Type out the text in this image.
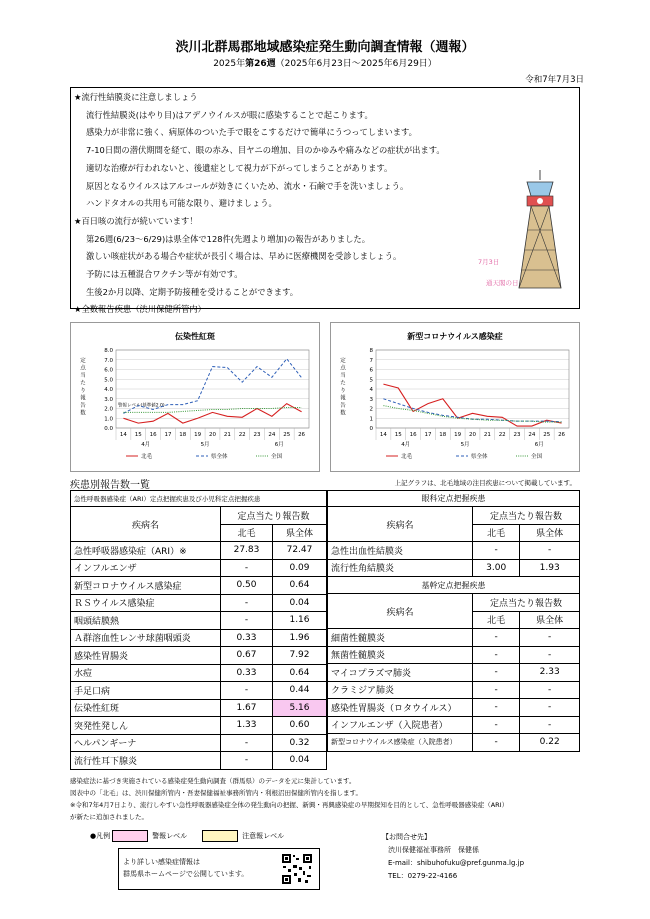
渋川北群馬郡地域感染症発生動向調査情報（週報）
2025年第26週（2025年6月23日～2025年6月29日）
令和7年7月3日
★流行性結膜炎に注意しましょう
流行性結膜炎(はやり目)はアデノウイルスが眼に感染することで起こります。
感染力が非常に強く、病原体のついた手で眼をこするだけで簡単にうつってしまいます。
7-10日間の潜伏期間を経て、眼の赤み、目ヤニの増加、目のかゆみや痛みなどの症状が出ます。
適切な治療が行われないと、後遺症として視力が下がってしまうことがあります。
原因となるウイルスはアルコールが効きにくいため、流水・石鹸で手を洗いましょう。
ハンドタオルの共用も可能な限り、避けましょう。
★百日咳の流行が続いています！
第26週(6/23～6/29)は県全体で128件(先週より増加)の報告がありました。
激しい咳症状がある場合や症状が長引く場合は、早めに医療機関を受診しましょう。
予防には五種混合ワクチン等が有効です。
生後2か月以降、定期予防接種を受けることができます。
★全数報告疾患（渋川保健所管内）
7月3日
通天閣の日
伝染性紅斑
0.0
1.0
2.0
3.0
4.0
5.0
6.0
7.0
8.0
定
点
当
た
り
報
告
数
14 15 16 17 18 19 20 21 22 23 24 25 26
4月	5月	6月
警報レベル(基準値2.0)
北毛	県全体	全国
新型コロナウイルス感染症
0
1
2
3
4
5
6
7
8
定
点
当
た
り
報
告
数
14 15 16 17 18 19 20 21 22 23 24 25 26
4月	5月	6月
北毛	県全体	全国
上記グラフは、北毛地域の注目疾患について掲載しています。
疾患別報告数一覧
急性呼吸器感染症（ARI）定点把握疾患及び小児科定点把握疾患		
疾病名	定点当たり報告数	
	北毛	県全体
急性呼吸器感染症（ARI）※	27.83	72.47
インフルエンザ	-	0.09
新型コロナウイルス感染症	0.50	0.64
ＲＳウイルス感染症	-	0.04
咽頭結膜熱	-	1.16
Ａ群溶血性レンサ球菌咽頭炎	0.33	1.96
感染性胃腸炎	0.67	7.92
水痘	0.33	0.64
手足口病	-	0.44
伝染性紅斑	1.67	5.16
突発性発しん	1.33	0.60
ヘルパンギーナ	-	0.32
流行性耳下腺炎	-	0.04
眼科定点把握疾患		
疾病名	定点当たり報告数	
	北毛	県全体
急性出血性結膜炎	-	-
流行性角結膜炎	3.00	1.93
基幹定点把握疾患		
疾病名	定点当たり報告数	
	北毛	県全体
細菌性髄膜炎	-	-
無菌性髄膜炎	-	-
マイコプラズマ肺炎	-	2.33
クラミジア肺炎	-	-
感染性胃腸炎（ロタウイルス）	-	-
インフルエンザ（入院患者）	-	-
新型コロナウイルス感染症（入院患者）	-	0.22
感染症法に基づき実施されている感染症発生動向調査（群馬県）のデータを元に集計しています。
図表中の「北毛」は、渋川保健所管内・吾妻保健福祉事務所管内・利根沼田保健所管内を指します。
※令和7年4月7日より、流行しやすい急性呼吸器感染症全体の発生動向の把握、新興・再興感染症の早期探知を目的として、急性呼吸器感染症（ARI）
が新たに追加されました。
●凡例	警報レベル	注意報レベル
より詳しい感染症情報は
群馬県ホームページで公開しています。
【お問合せ先】
渋川保健福祉事務所　保健係
E-mail：shibuhofuku@pref.gunma.lg.jp
TEL：0279-22-4166
